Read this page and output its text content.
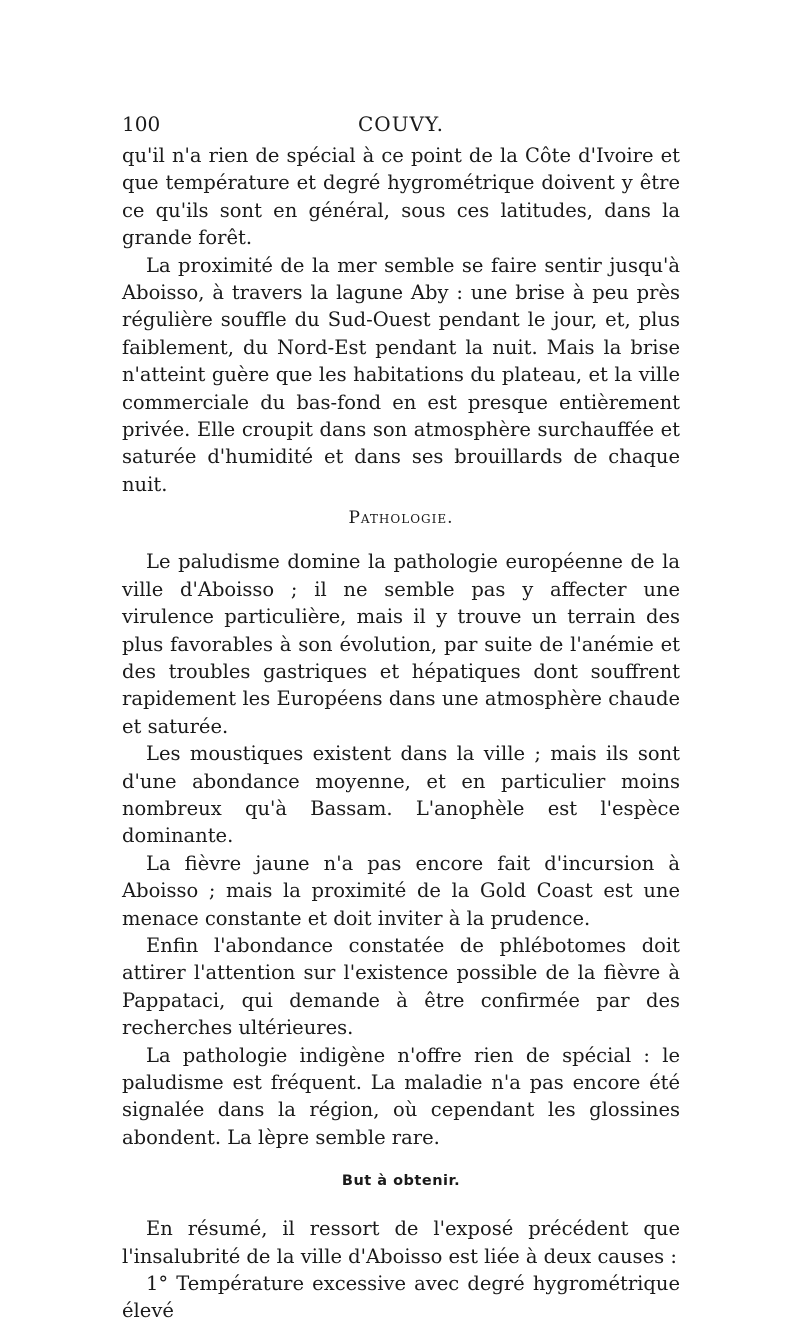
100	COUVY.

qu'il n'a rien de spécial à ce point de la Côte d'Ivoire et que température et degré hygrométrique doivent y être ce qu'ils sont en général, sous ces latitudes, dans la grande forêt.

La proximité de la mer semble se faire sentir jusqu'à Aboisso, à travers la lagune Aby : une brise à peu près régulière souffle du Sud-Ouest pendant le jour, et, plus faiblement, du Nord-Est pendant la nuit. Mais la brise n'atteint guère que les habitations du plateau, et la ville commerciale du bas-fond en est presque entièrement privée. Elle croupit dans son atmosphère surchauffée et saturée d'humidité et dans ses brouillards de chaque nuit.

Pathologie.

Le paludisme domine la pathologie européenne de la ville d'Aboisso ; il ne semble pas y affecter une virulence particulière, mais il y trouve un terrain des plus favorables à son évolution, par suite de l'anémie et des troubles gastriques et hépatiques dont souffrent rapidement les Européens dans une atmosphère chaude et saturée.

Les moustiques existent dans la ville ; mais ils sont d'une abondance moyenne, et en particulier moins nombreux qu'à Bassam. L'anophèle est l'espèce dominante.

La fièvre jaune n'a pas encore fait d'incursion à Aboisso ; mais la proximité de la Gold Coast est une menace constante et doit inviter à la prudence.

Enfin l'abondance constatée de phlébotomes doit attirer l'attention sur l'existence possible de la fièvre à Pappataci, qui demande à être confirmée par des recherches ultérieures.

La pathologie indigène n'offre rien de spécial : le paludisme est fréquent. La maladie n'a pas encore été signalée dans la région, où cependant les glossines abondent. La lèpre semble rare.

But à obtenir.

En résumé, il ressort de l'exposé précédent que l'insalubrité de la ville d'Aboisso est liée à deux causes :

1° Température excessive avec degré hygrométrique élevé
